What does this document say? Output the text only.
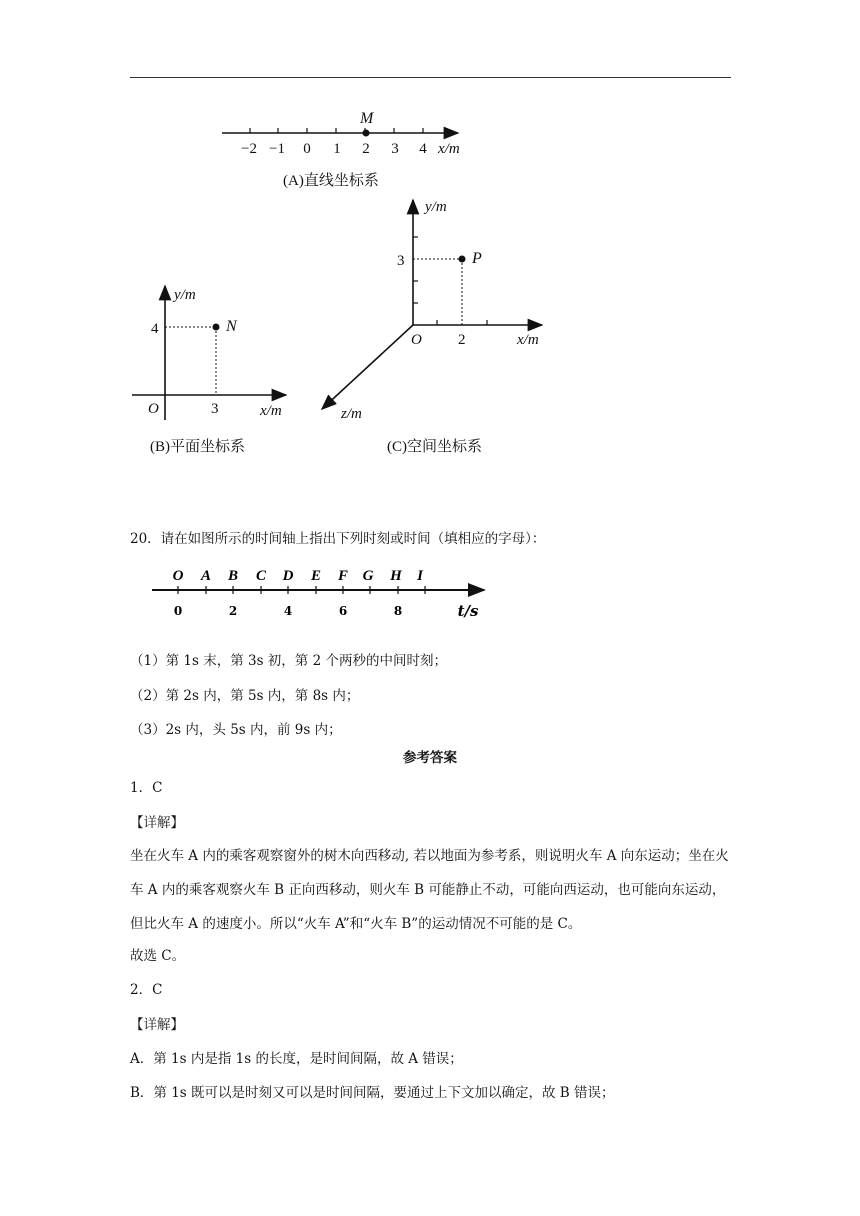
M
−2 −1 0 1 2 3 4 x/m
(A)直线坐标系
N
y/m
4
O	3	x/m
(B)平面坐标系
P
y/m
3
O 2	x/m
z/m
(C)空间坐标系
20．请在如图所示的时间轴上指出下列时刻或时间（填相应的字母）：
O A B C D E F G H I
0	2	4	6	8	t/s
（1）第 1s 末，第 3s 初，第 2 个两秒的中间时刻；
（2）第 2s 内，第 5s 内，第 8s 内；
（3）2s 内，头 5s 内，前 9s 内；
参考答案
1．C
【详解】
坐在火车 A 内的乘客观察窗外的树木向西移动, 若以地面为参考系，则说明火车 A 向东运动；坐在火车 A 内的乘客观察火车 B 正向西移动，则火车 B 可能静止不动，可能向西运动，也可能向东运动，但比火车 A 的速度小。所以“火车 A”和“火车 B”的运动情况不可能的是 C。
故选 C。
2．C
【详解】
A．第 1s 内是指 1s 的长度，是时间间隔，故 A 错误；
B．第 1s 既可以是时刻又可以是时间间隔，要通过上下文加以确定，故 B 错误；
